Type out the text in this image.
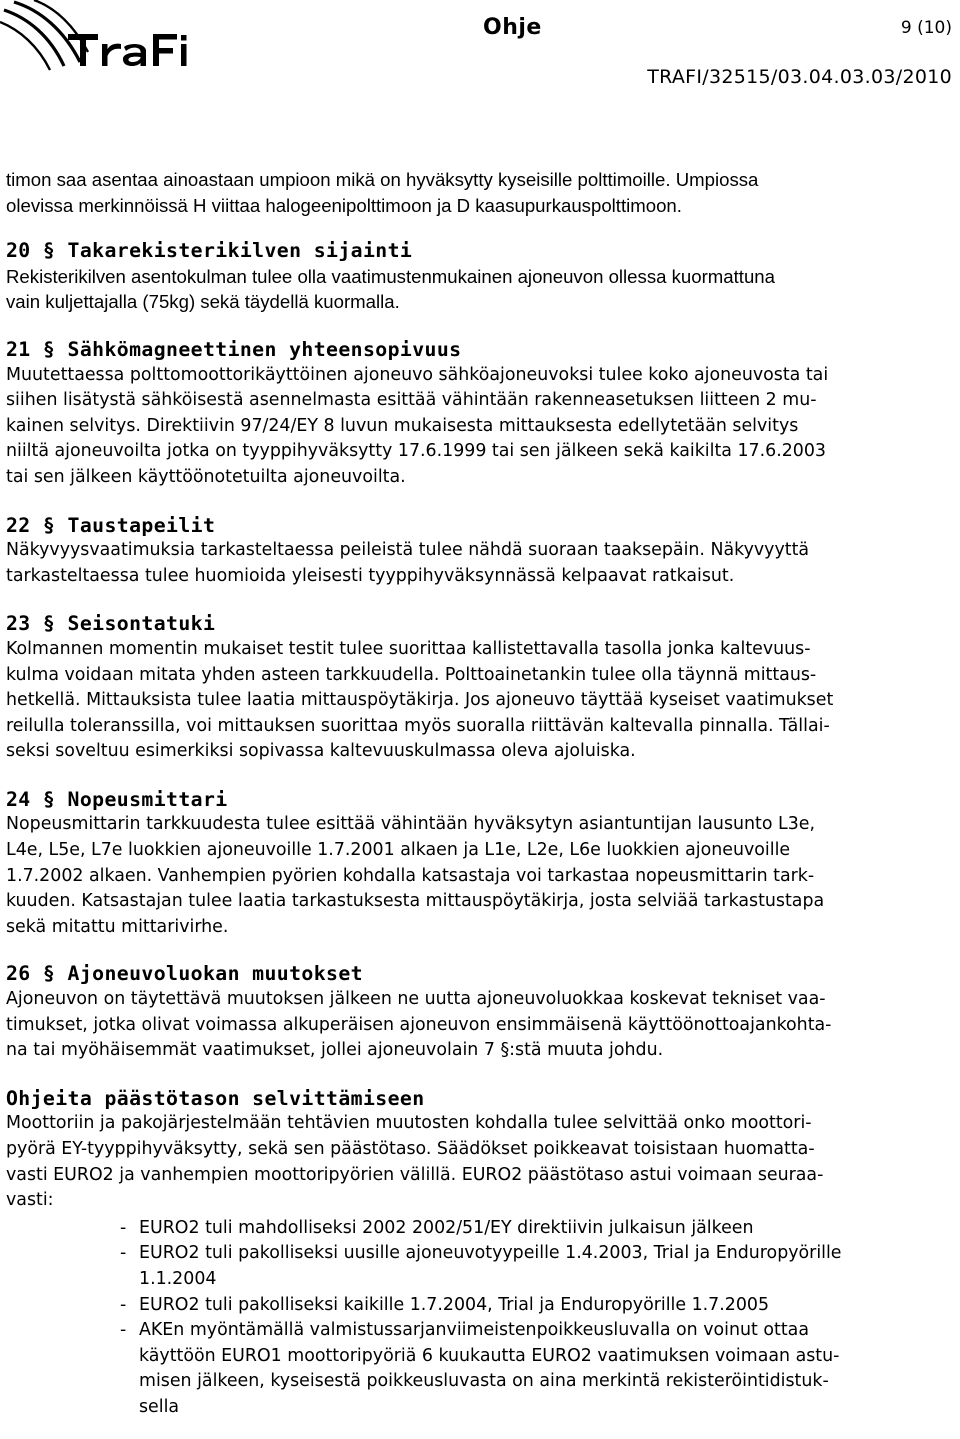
Ohje	9 (10)
TRAFI/32515/03.04.03.03/2010

timon saa asentaa ainoastaan umpioon mikä on hyväksytty kyseisille polttimoille. Umpiossa
olevissa merkinnöissä H viittaa halogeenipolttimoon ja D kaasupurkauspolttimoon.

20 § Takarekisterikilven sijainti

Rekisterikilven asentokulman tulee olla vaatimustenmukainen ajoneuvon ollessa kuormattuna
vain kuljettajalla (75kg) sekä täydellä kuormalla.

21 § Sähkömagneettinen yhteensopivuus

Muutettaessa polttomoottorikäyttöinen ajoneuvo sähköajoneuvoksi tulee koko ajoneuvosta tai
siihen lisätystä sähköisestä asennelmasta esittää vähintään rakenneasetuksen liitteen 2 mu-
kainen selvitys. Direktiivin 97/24/EY 8 luvun mukaisesta mittauksesta edellytetään selvitys
niiltä ajoneuvoilta jotka on tyyppihyväksytty 17.6.1999 tai sen jälkeen sekä kaikilta 17.6.2003
tai sen jälkeen käyttöönotetuilta ajoneuvoilta.

22 § Taustapeilit

Näkyvyysvaatimuksia tarkasteltaessa peileistä tulee nähdä suoraan taaksepäin. Näkyvyyttä
tarkasteltaessa tulee huomioida yleisesti tyyppihyväksynnässä kelpaavat ratkaisut.

23 § Seisontatuki

Kolmannen momentin mukaiset testit tulee suorittaa kallistettavalla tasolla jonka kaltevuus-
kulma voidaan mitata yhden asteen tarkkuudella. Polttoainetankin tulee olla täynnä mittaus-
hetkellä. Mittauksista tulee laatia mittauspöytäkirja. Jos ajoneuvo täyttää kyseiset vaatimukset
reilulla toleranssilla, voi mittauksen suorittaa myös suoralla riittävän kaltevalla pinnalla. Tällai-
seksi soveltuu esimerkiksi sopivassa kaltevuuskulmassa oleva ajoluiska.

24 § Nopeusmittari

Nopeusmittarin tarkkuudesta tulee esittää vähintään hyväksytyn asiantuntijan lausunto L3e,
L4e, L5e, L7e luokkien ajoneuvoille 1.7.2001 alkaen ja L1e, L2e, L6e luokkien ajoneuvoille
1.7.2002 alkaen. Vanhempien pyörien kohdalla katsastaja voi tarkastaa nopeusmittarin tark-
kuuden. Katsastajan tulee laatia tarkastuksesta mittauspöytäkirja, josta selviää tarkastustapa
sekä mitattu mittarivirhe.

26 § Ajoneuvoluokan muutokset

Ajoneuvon on täytettävä muutoksen jälkeen ne uutta ajoneuvoluokkaa koskevat tekniset vaa-
timukset, jotka olivat voimassa alkuperäisen ajoneuvon ensimmäisenä käyttöönottoajankohta-
na tai myöhäisemmät vaatimukset, jollei ajoneuvolain 7 §:stä muuta johdu.

Ohjeita päästötason selvittämiseen

Moottoriin ja pakojärjestelmään tehtävien muutosten kohdalla tulee selvittää onko moottori-
pyörä EY-tyyppihyväksytty, sekä sen päästötaso. Säädökset poikkeavat toisistaan huomatta-
vasti EURO2 ja vanhempien moottoripyörien välillä. EURO2 päästötaso astui voimaan seuraa-
vasti:

- EURO2 tuli mahdolliseksi 2002 2002/51/EY direktiivin julkaisun jälkeen
- EURO2 tuli pakolliseksi uusille ajoneuvotyypeille 1.4.2003, Trial ja Enduropyörille
1.1.2004
- EURO2 tuli pakolliseksi kaikille 1.7.2004, Trial ja Enduropyörille 1.7.2005
- AKEn myöntämällä valmistussarjanviimeistenpoikkeusluvalla on voinut ottaa
käyttöön EURO1 moottoripyöriä 6 kuukautta EURO2 vaatimuksen voimaan astu-
misen jälkeen, kyseisestä poikkeusluvasta on aina merkintä rekisteröintidistuk-
sella
